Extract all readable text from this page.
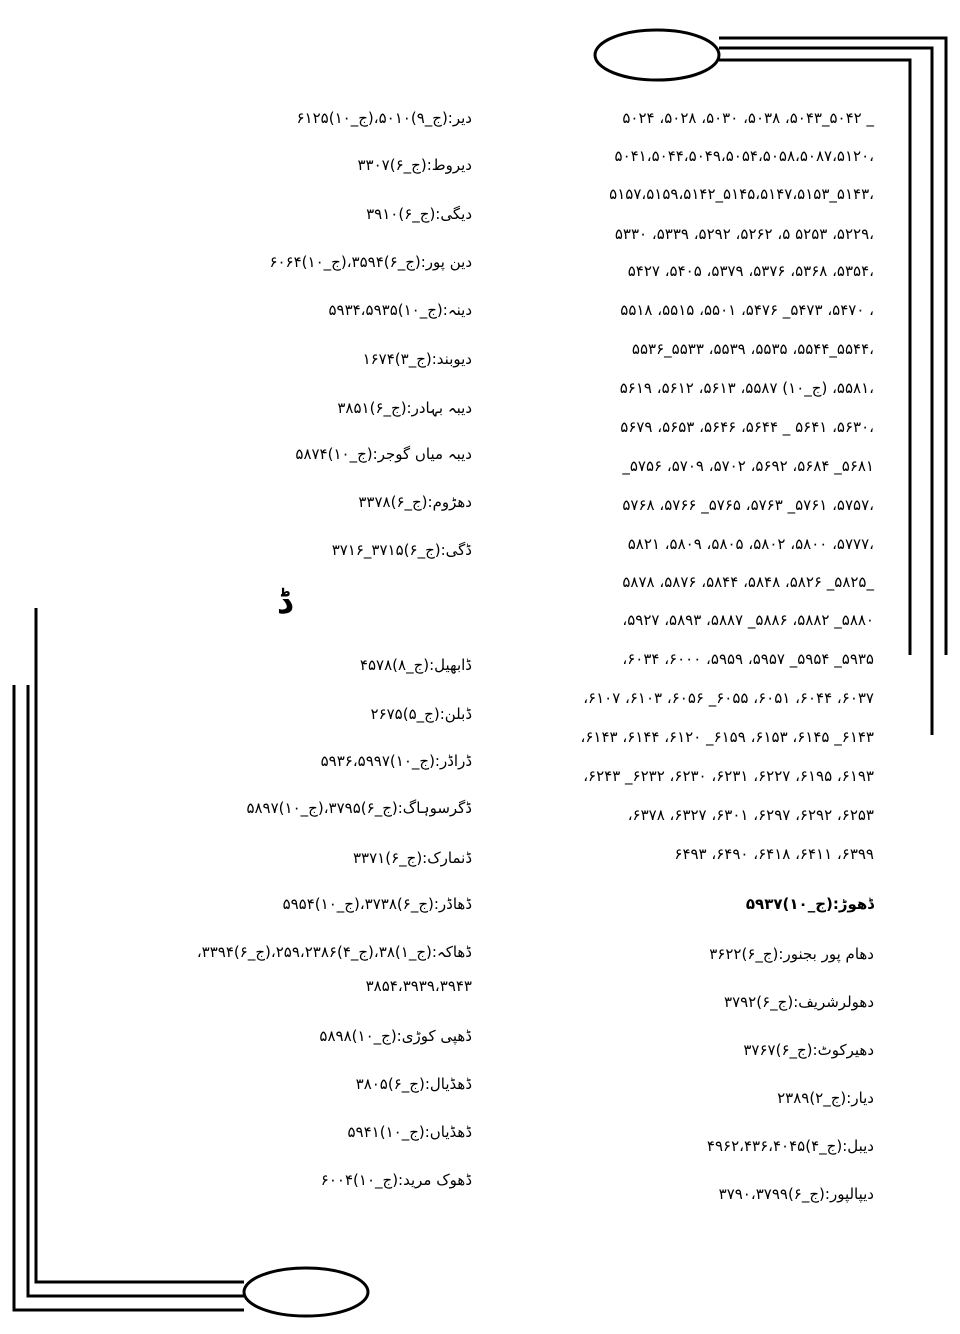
_ ۵۰۴۲_۵۰۴۳، ۵۰۳۸، ۵۰۳۰، ۵۰۲۸، ۵۰۲۴
،۵۰۴۱،۵۰۴۴،۵۰۴۹،۵۰۵۴،۵۰۵۸،۵۰۸۷،۵۱۲۰
،۵۱۴۳_۵۱۴۵،۵۱۴۷،۵۱۵۳_۵۱۵۷،۵۱۵۹،۵۱۴۲
،۵۲۲۹، ۵۲۵۳ ۵، ۵۲۶۲، ۵۲۹۲، ۵۳۳۹، ۵۳۳۰
،۵۳۵۴، ۵۳۶۸، ۵۳۷۶، ۵۳۷۹، ۵۴۰۵، ۵۴۲۷
، ۵۴۷۰، ۵۴۷۳_ ۵۴۷۶، ۵۵۰۱، ۵۵۱۵، ۵۵۱۸
،۵۵۴۴_۵۵۴۴، ۵۵۳۵، ۵۵۳۹، ۵۵۳۳_۵۵۳۶
،۵۵۸۱، (ج_۱۰) ۵۵۸۷، ۵۶۱۳، ۵۶۱۲، ۵۶۱۹
،۵۶۳۰، ۵۶۴۱ _ ۵۶۴۴، ۵۶۴۶، ۵۶۵۳، ۵۶۷۹
۵۶۸۱_ ۵۶۸۴، ۵۶۹۲، ۵۷۰۲، ۵۷۰۹، ۵۷۵۶_
،۵۷۵۷، ۵۷۶۱_ ۵۷۶۳، ۵۷۶۵_ ۵۷۶۶، ۵۷۶۸
،۵۷۷۷، ۵۸۰۰، ۵۸۰۲، ۵۸۰۵، ۵۸۰۹، ۵۸۲۱
_۵۸۲۵_ ۵۸۲۶، ۵۸۴۸، ۵۸۴۴، ۵۸۷۶، ۵۸۷۸
۵۸۸۰_ ۵۸۸۲، ۵۸۸۶_ ۵۸۸۷، ۵۸۹۳، ۵۹۲۷،
۵۹۳۵_ ۵۹۵۴_ ۵۹۵۷، ۵۹۵۹، ۶۰۰۰، ۶۰۳۴،
۶۰۳۷، ۶۰۴۴، ۶۰۵۱، ۶۰۵۵_ ۶۰۵۶، ۶۱۰۳، ۶۱۰۷،
۶۱۴۳_ ۶۱۴۵، ۶۱۵۳، ۶۱۵۹_ ۶۱۲۰، ۶۱۴۴، ۶۱۴۳،
۶۱۹۳، ۶۱۹۵، ۶۲۲۷، ۶۲۳۱، ۶۲۳۰، ۶۲۳۲_ ۶۲۴۳،
۶۲۵۳، ۶۲۹۲، ۶۲۹۷، ۶۳۰۱، ۶۳۲۷، ۶۳۷۸،
۶۳۹۹، ۶۴۱۱، ۶۴۱۸، ۶۴۹۰، ۶۴۹۳
ڈھوڑ:(ج_۱۰)۵۹۳۷
دھام پور بجنور:(ج_۶)۳۶۲۲
دھولرشریف:(ج_۶)۳۷۹۲
دھیرکوٹ:(ج_۶)۳۷۶۷
دیار:(ج_۲)۲۳۸۹
دیبل:(ج_۴)۴۹۶۲،۴۳۶،۴۰۴۵
دیپالپور:(ج_۶)۳۷۹۰،۳۷۹۹
دیر:(ج_۹)۵۰۱۰،(ج_۱۰)۶۱۲۵
دیروط:(ج_۶)۳۳۰۷
دیگی:(ج_۶)۳۹۱۰
دین پور:(ج_۶)۳۵۹۴،(ج_۱۰)۶۰۶۴
دینہ:(ج_۱۰)۵۹۳۴،۵۹۳۵
دیوبند:(ج_۳)۱۶۷۴
دیبہ بہادر:(ج_۶)۳۸۵۱
دیبہ میاں گوجر:(ج_۱۰)۵۸۷۴
دھڑوم:(ج_۶)۳۳۷۸
ڈگی:(ج_۶)۳۷۱۵_۳۷۱۶
ڈ
ڈابھیل:(ج_۸)۴۵۷۸
ڈبلن:(ج_۵)۲۶۷۵
ڈراڈر:(ج_۱۰)۵۹۳۶،۵۹۹۷
ڈگرسوہاگ:(ج_۶)۳۷۹۵،(ج_۱۰)۵۸۹۷
ڈنمارک:(ج_۶)۳۳۷۱
ڈھاڈر:(ج_۶)۳۷۳۸،(ج_۱۰)۵۹۵۴
ڈھاکہ:(ج_۱)۳۸،(ج_۴)۲۵۹،۲۳۸۶،(ج_۶)۳۳۹۴،
۳۸۵۴،۳۹۳۹،۳۹۴۳
ڈھپی کوڑی:(ج_۱۰)۵۸۹۸
ڈھڈیال:(ج_۶)۳۸۰۵
ڈھڈیاں:(ج_۱۰)۵۹۴۱
ڈھوک مرید:(ج_۱۰)۶۰۰۴
